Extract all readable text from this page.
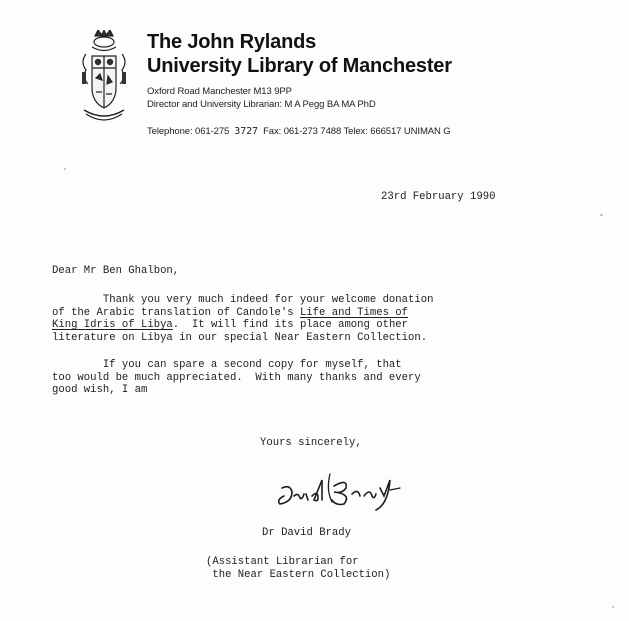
The John Rylands
University Library of Manchester
Oxford Road Manchester M13 9PP
Director and University Librarian: M A Pegg BA MA PhD
Telephone: 061-275 3727 Fax: 061-273 7488 Telex: 666517 UNIMAN G
23rd February 1990
Dear Mr Ben Ghalbon,
Thank you very much indeed for your welcome donation
of the Arabic translation of Candole's Life and Times of
King Idris of Libya.  It will find its place among other
literature on Libya in our special Near Eastern Collection.
If you can spare a second copy for myself, that
too would be much appreciated.  With many thanks and every
good wish, I am
Yours sincerely,
Dr David Brady
(Assistant Librarian for
the Near Eastern Collection)
